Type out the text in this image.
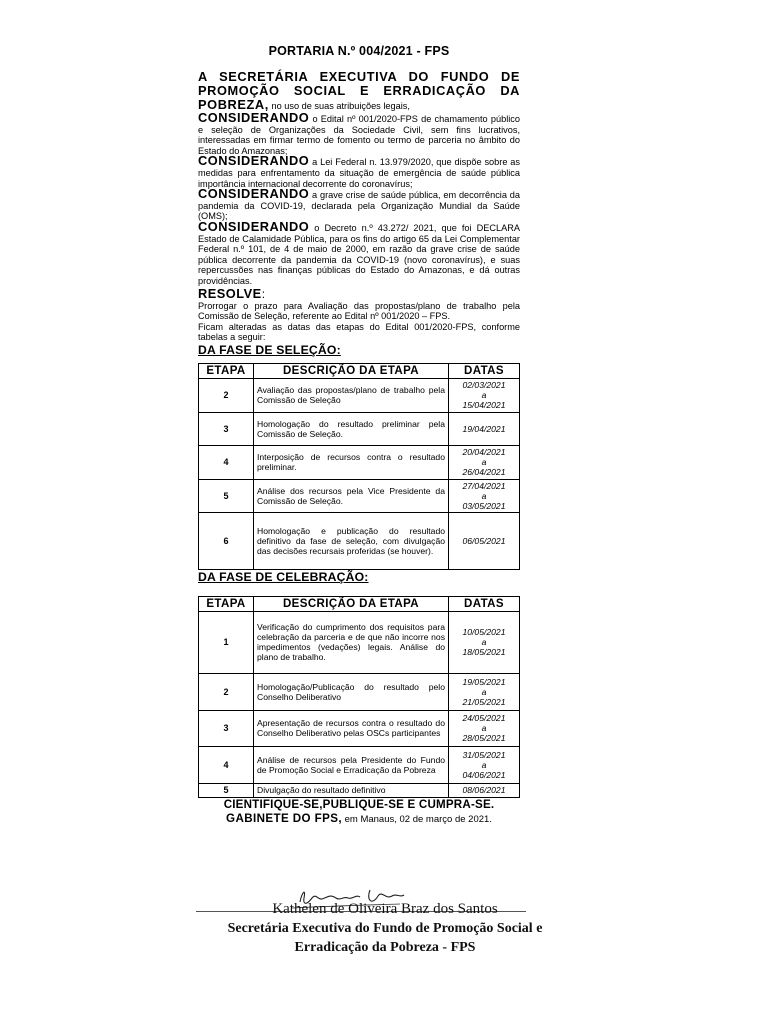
PORTARIA N.º 004/2021 - FPS
A SECRETÁRIA EXECUTIVA DO FUNDO DE
PROMOÇÃO SOCIAL E ERRADICAÇÃO DA
POBREZA, no uso de suas atribuições legais,

CONSIDERANDO o Edital nº 001/2020-FPS de chamamento público e seleção de Organizações da Sociedade Civil, sem fins lucrativos, interessadas em firmar termo de fomento ou termo de parceria no âmbito do Estado do Amazonas;

CONSIDERANDO a Lei Federal n. 13.979/2020, que dispõe sobre as medidas para enfrentamento da situação de emergência de saúde pública importância internacional decorrente do coronavírus;

CONSIDERANDO a grave crise de saúde pública, em decorrência da pandemia da COVID-19, declarada pela Organização Mundial da Saúde (OMS);

CONSIDERANDO o Decreto n.º 43.272/ 2021, que foi DECLARA Estado de Calamidade Pública, para os fins do artigo 65 da Lei Complementar Federal n.º 101, de 4 de maio de 2000, em razão da grave crise de saúde pública decorrente da pandemia da COVID-19 (novo coronavírus), e suas repercussões nas finanças públicas do Estado do Amazonas, e dá outras providências.

RESOLVE:

Prorrogar o prazo para Avaliação das propostas/plano de trabalho pela Comissão de Seleção, referente ao Edital nº 001/2020 – FPS.

Ficam alteradas as datas das etapas do Edital 001/2020-FPS, conforme tabelas a seguir:

DA FASE DE SELEÇÃO:
ETAPA	DESCRIÇÃO DA ETAPA	DATAS
2	Avaliação das propostas/plano de trabalho pela Comissão de Seleção	02/03/2021
a
15/04/2021

3	Homologação do resultado preliminar pela Comissão de Seleção.	19/04/2021

4	Interposição de recursos contra o resultado preliminar.	20/04/2021
a
26/04/2021

5	Análise dos recursos pela Vice Presidente da Comissão de Seleção.	27/04/2021
a
03/05/2021

6	Homologação e publicação do resultado definitivo da fase de seleção, com divulgação das decisões recursais proferidas (se houver).	06/05/2021
DA FASE DE CELEBRAÇÃO:
ETAPA	DESCRIÇÃO DA ETAPA	DATAS
1	Verificação do cumprimento dos requisitos para celebração da parceria e de que não incorre nos impedimentos (vedações) legais. Análise do plano de trabalho.	10/05/2021
a
18/05/2021

2	Homologação/Publicação do resultado pelo Conselho Deliberativo	19/05/2021
a
21/05/2021

3	Apresentação de recursos contra o resultado do Conselho Deliberativo pelas OSCs participantes	24/05/2021
a
28/05/2021

4	Análise de recursos pela Presidente do Fundo de Promoção Social e Erradicação da Pobreza	31/05/2021
a
04/06/2021

5	Divulgação do resultado definitivo	08/06/2021
CIENTIFIQUE-SE,PUBLIQUE-SE E CUMPRA-SE.
GABINETE DO FPS, em Manaus, 02 de março de 2021.
Kathelen de Oliveira Braz dos Santos
Secretária Executiva do Fundo de Promoção Social e
Erradicação da Pobreza - FPS
